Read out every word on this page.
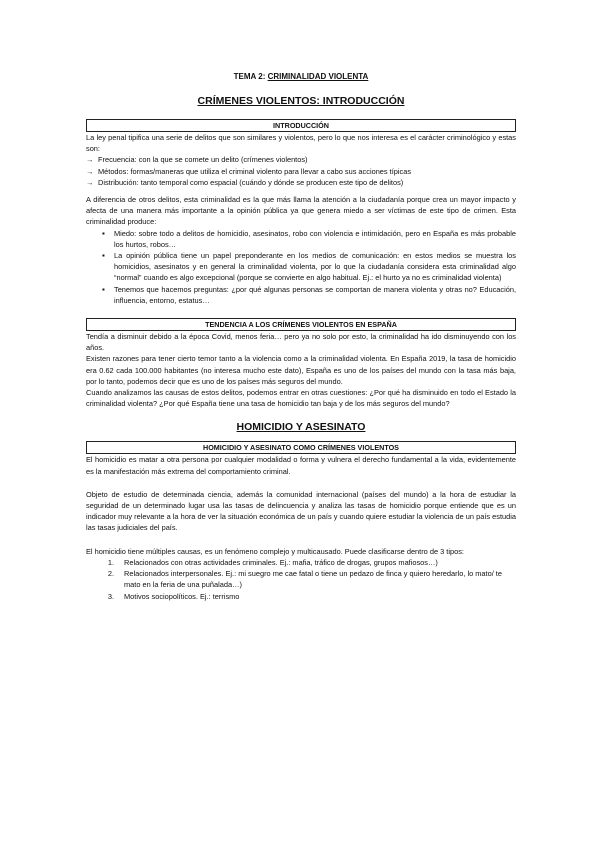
TEMA 2: CRIMINALIDAD VIOLENTA
CRÍMENES VIOLENTOS: INTRODUCCIÓN
INTRODUCCIÓN

La ley penal tipifica una serie de delitos que son similares y violentos, pero lo que nos interesa es el carácter criminológico y estas son:

→ Frecuencia: con la que se comete un delito (crímenes violentos)
→ Métodos: formas/maneras que utiliza el criminal violento para llevar a cabo sus acciones típicas
→ Distribución: tanto temporal como espacial (cuándo y dónde se producen este tipo de delitos)

A diferencia de otros delitos, esta criminalidad es la que más llama la atención a la ciudadanía porque crea un mayor impacto y afecta de una manera más importante a la opinión pública ya que genera miedo a ser víctimas de este tipo de crimen. Esta criminalidad produce:

▪ Miedo: sobre todo a delitos de homicidio, asesinatos, robo con violencia e intimidación, pero en España es más probable los hurtos, robos…
▪ La opinión pública tiene un papel preponderante en los medios de comunicación: en estos medios se muestra los homicidios, asesinatos y en general la criminalidad violenta, por lo que la ciudadanía considera esta criminalidad algo “normal” cuando es algo excepcional (porque se convierte en algo habitual. Ej.: el hurto ya no es criminalidad violenta)
▪ Tenemos que hacemos preguntas: ¿por qué algunas personas se comportan de manera violenta y otras no? Educación, influencia, entorno, estatus…
TENDENCIA A LOS CRÍMENES VIOLENTOS EN ESPAÑA

Tendía a disminuir debido a la época Covid, menos feria… pero ya no solo por esto, la criminalidad ha ido disminuyendo con los años.

Existen razones para tener cierto temor tanto a la violencia como a la criminalidad violenta. En España 2019, la tasa de homicidio era 0.62 cada 100.000 habitantes (no interesa mucho este dato), España es uno de los países del mundo con la tasa más baja, por lo tanto, podemos decir que es uno de los países más seguros del mundo.

Cuando analizamos las causas de estos delitos, podemos entrar en otras cuestiones: ¿Por qué ha disminuido en todo el Estado la criminalidad violenta? ¿Por qué España tiene una tasa de homicidio tan baja y de los más seguros del mundo?

HOMICIDIO Y ASESINATO
HOMICIDIO Y ASESINATO COMO CRÍMENES VIOLENTOS

El homicidio es matar a otra persona por cualquier modalidad o forma y vulnera el derecho fundamental a la vida, evidentemente es la manifestación más extrema del comportamiento criminal.

Objeto de estudio de determinada ciencia, además la comunidad internacional (países del mundo) a la hora de estudiar la seguridad de un determinado lugar usa las tasas de delincuencia y analiza las tasas de homicidio porque entiende que es un indicador muy relevante a la hora de ver la situación económica de un país y cuando quiere estudiar la violencia de un país estudia las tasas judiciales del país.

El homicidio tiene múltiples causas, es un fenómeno complejo y multicausado. Puede clasificarse dentro de 3 tipos:

1.	Relacionados con otras actividades criminales. Ej.: mafia, tráfico de drogas, grupos mafiosos…)
2.	Relacionados interpersonales. Ej.: mi suegro me cae fatal o tiene un pedazo de finca y quiero heredarlo, lo mato/ te mato en la feria de una puñalada…)
3.	Motivos sociopolíticos. Ej.: terrismo
